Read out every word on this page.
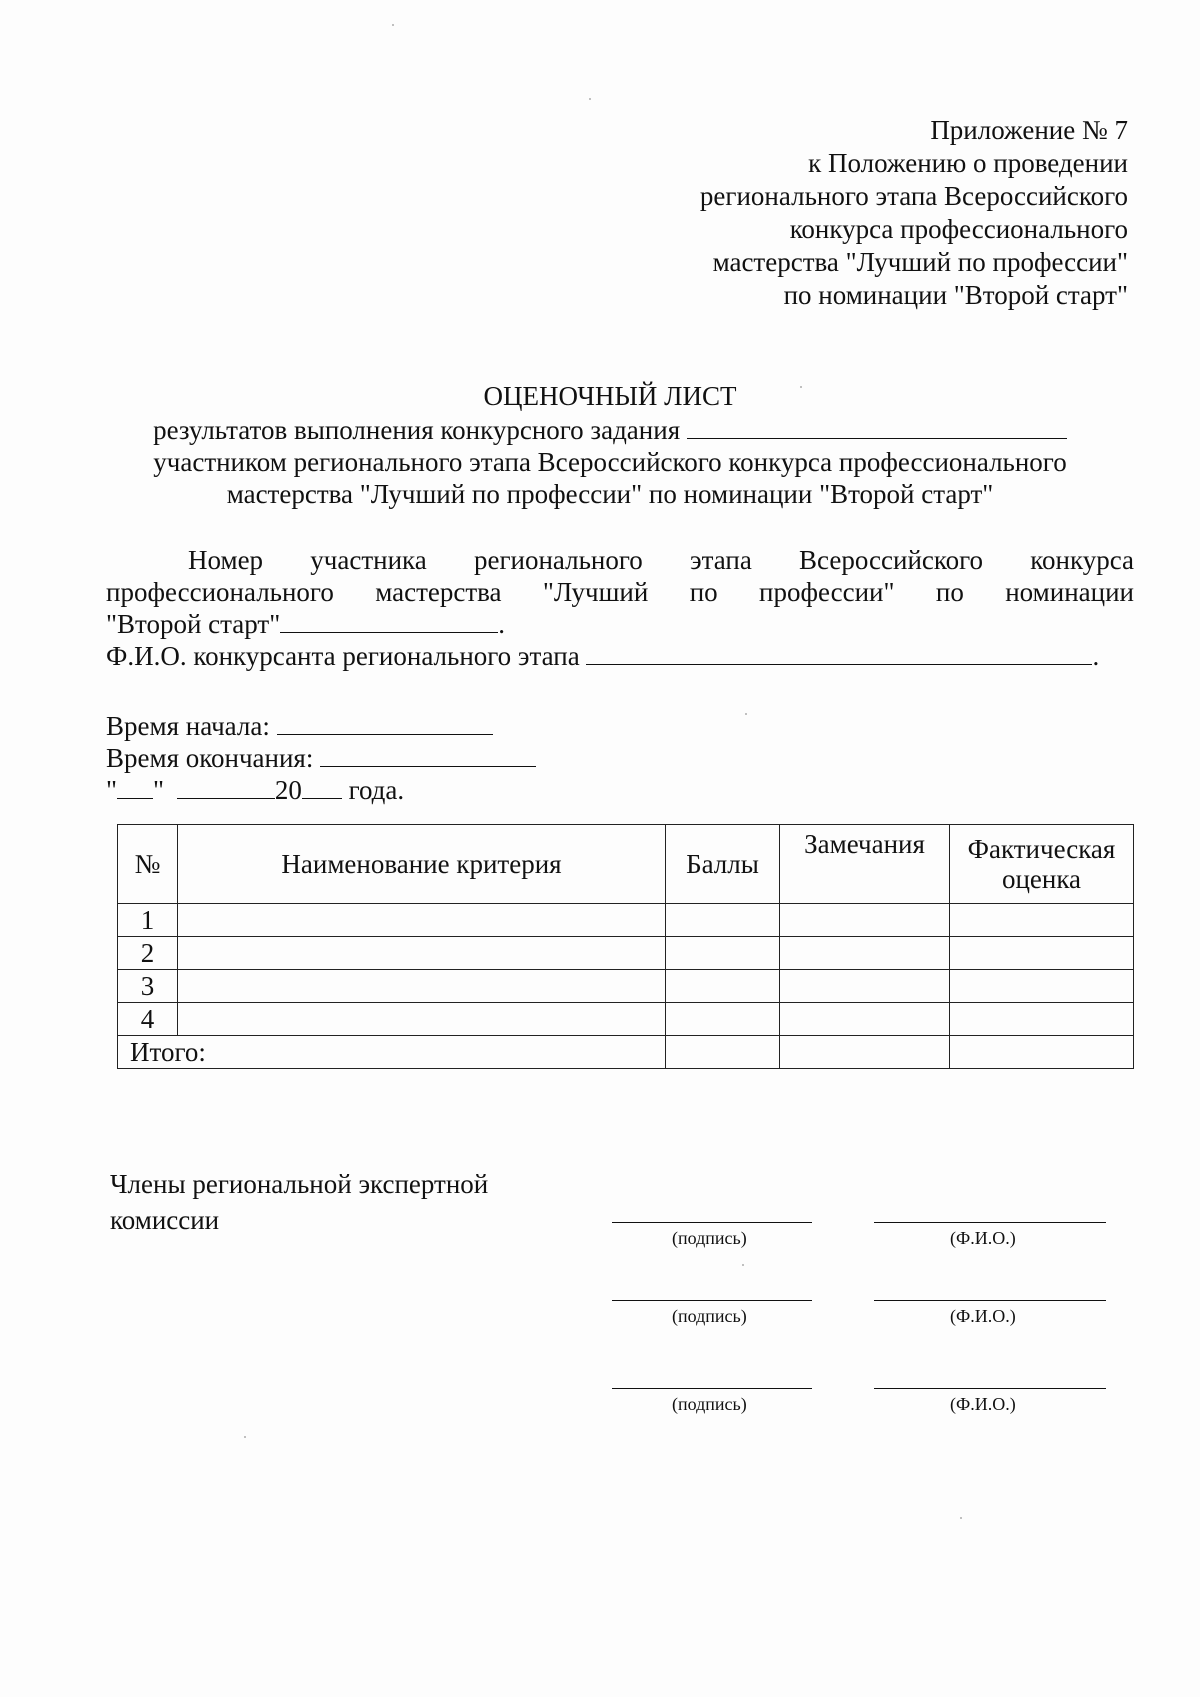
Приложение № 7
к Положению о проведении
регионального этапа Всероссийского
конкурса профессионального
мастерства "Лучший по профессии"
по номинации "Второй старт"
ОЦЕНОЧНЫЙ ЛИСТ
результатов выполнения конкурсного задания
участником регионального этапа Всероссийского конкурса профессионального
мастерства "Лучший по профессии" по номинации "Второй старт"
Номер участника регионального этапа Всероссийского конкурса
профессионального мастерства "Лучший по профессии" по номинации
"Второй старт"	.
Ф.И.О. конкурсанта регионального этапа	.
Время начала:
Время окончания:
" "	20 года.
№	Наименование критерия	Баллы	Замечания	Фактическая оценка
1				
2				
3				
4				
Итого:				
Члены региональной экспертной комиссии
(подпись)	(Ф.И.О.)
(подпись)	(Ф.И.О.)
(подпись)	(Ф.И.О.)
